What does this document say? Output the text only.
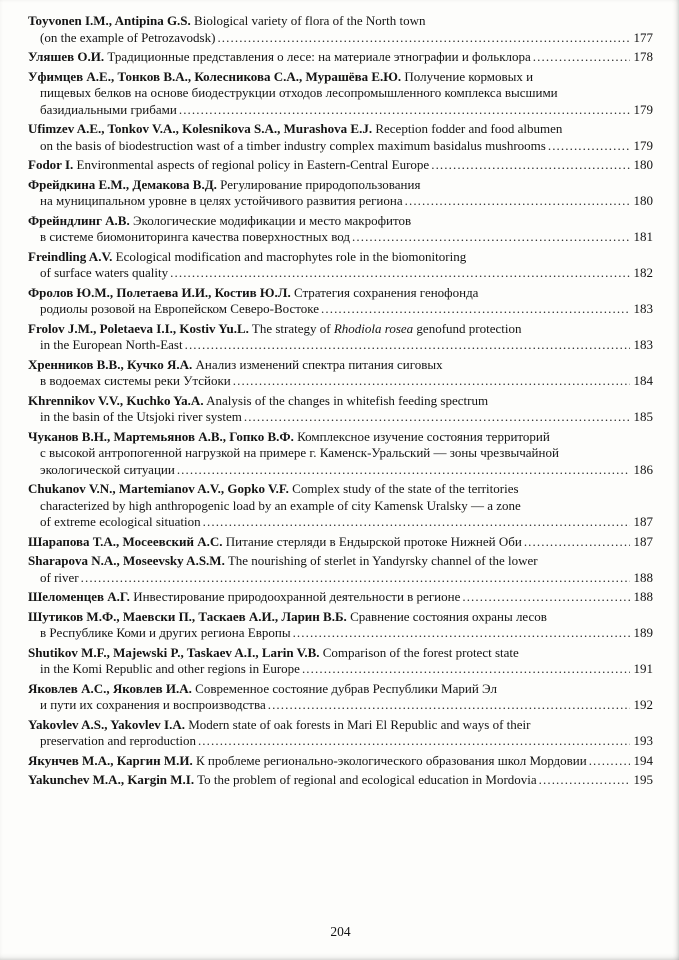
Toyvonen I.M., Antipina G.S. Biological variety of flora of the North town
(on the example of Petrozavodsk) .....	177
Уляшев О.И. Традиционные представления о лесе: на материале этнографии и фольклора .....	178
Уфимцев А.Е., Тонков В.А., Колесникова С.А., Мурашёва Е.Ю. Получение кормовых и
пищевых белков на основе биодеструкции отходов лесопромышленного комплекса высшими
базидиальными грибами .....	179
Ufimzev A.E., Tonkov V.A., Kolesnikova S.A., Murashova E.J. Reception fodder and food albumen
on the basis of biodestruction wast of a timber industry complex maximum basidalus mushrooms .....	179
Fodor I. Environmental aspects of regional policy in Eastern-Central Europe .....	180
Фрейдкина Е.М., Демакова В.Д. Регулирование природопользования
на муниципальном уровне в целях устойчивого развития региона .....	180
Фрейндлинг А.В. Экологические модификации и место макрофитов
в системе биомониторинга качества поверхностных вод .....	181
Freindling A.V. Ecological modification and macrophytes role in the biomonitoring
of surface waters quality .....	182
Фролов Ю.М., Полетаева И.И., Костив Ю.Л. Стратегия сохранения генофонда
родиолы розовой на Европейском Северо-Востоке .....	183
Frolov J.M., Poletaeva I.I., Kostiv Yu.L. The strategy of Rhodiola rosea genofund protection
in the European North-East .....	183
Хренников В.В., Кучко Я.А. Анализ изменений спектра питания сиговых
в водоемах системы реки Утсйоки .....	184
Khrennikov V.V., Kuchko Ya.A. Analysis of the changes in whitefish feeding spectrum
in the basin of the Utsjoki river system .....	185
Чуканов В.Н., Мартемьянов А.В., Гопко В.Ф. Комплексное изучение состояния территорий
с высокой антропогенной нагрузкой на примере г. Каменск-Уральский — зоны чрезвычайной
экологической ситуации .....	186
Chukanov V.N., Martemianov A.V., Gopko V.F. Complex study of the state of the territories
characterized by high anthropogenic load by an example of city Kamensk Uralsky — a zone
of extreme ecological situation .....	187
Шарапова Т.А., Мосеевский А.С. Питание стерляди в Ендырской протоке Нижней Оби .....	187
Sharapova N.A., Moseevsky A.S.M. The nourishing of sterlet in Yandyrsky channel of the lower
of river .....	188
Шеломенцев А.Г. Инвестирование природоохранной деятельности в регионе .....	188
Шутиков М.Ф., Маевски П., Таскаев А.И., Ларин В.Б. Сравнение состояния охраны лесов
в Республике Коми и других региона Европы .....	189
Shutikov M.F., Majewski P., Taskaev A.I., Larin V.B. Comparison of the forest protect state
in the Komi Republic and other regions in Europe .....	191
Яковлев А.С., Яковлев И.А. Современное состояние дубрав Республики Марий Эл
и пути их сохранения и воспроизводства .....	192
Yakovlev A.S., Yakovlev I.A. Modern state of oak forests in Mari El Republic and ways of their
preservation and reproduction .....	193
Якунчев М.А., Каргин М.И. К проблеме регионально-экологического образования школ Мордовии .....	194
Yakunchev M.A., Kargin M.I. To the problem of regional and ecological education in Mordovia .....	195
204
